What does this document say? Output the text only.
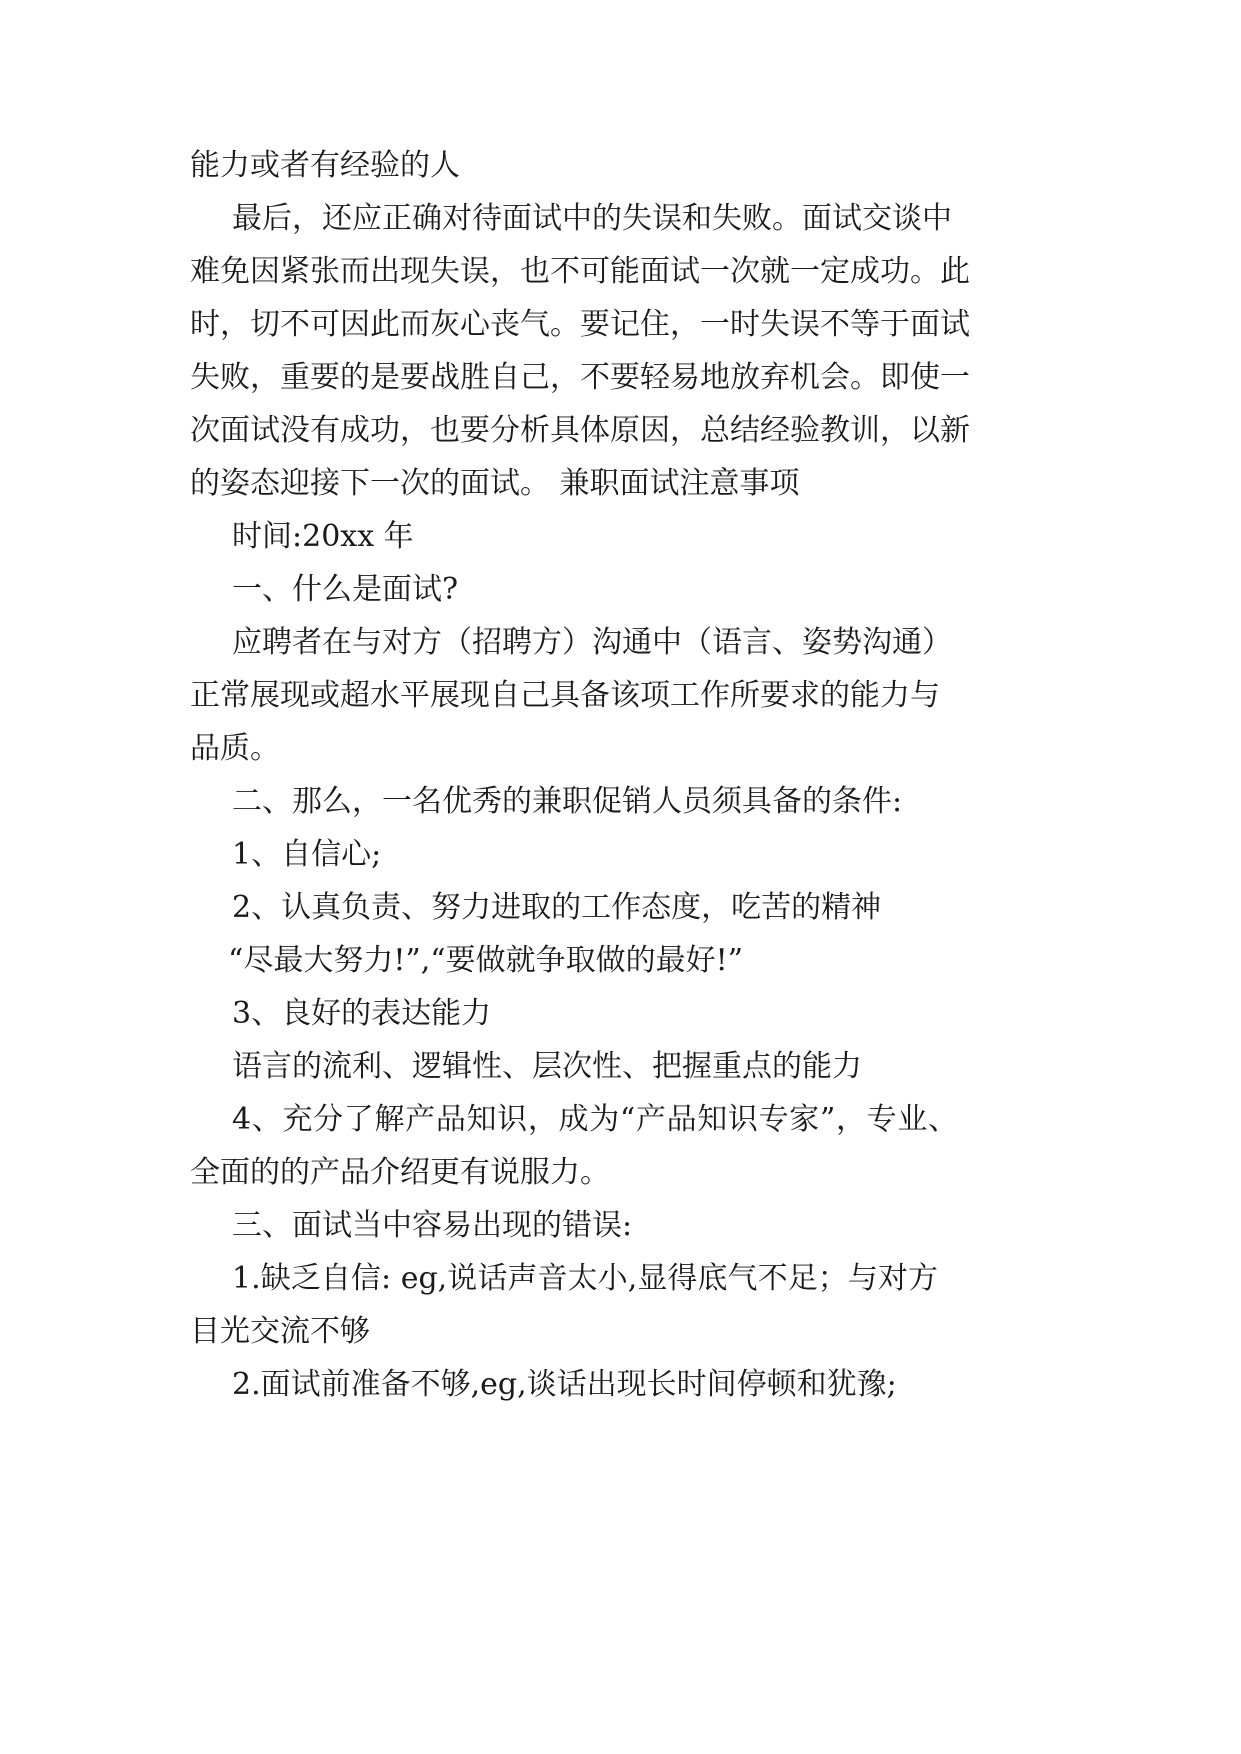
能力或者有经验的人

最后，还应正确对待面试中的失误和失败。面试交谈中

难免因紧张而出现失误，也不可能面试一次就一定成功。此

时，切不可因此而灰心丧气。要记住，一时失误不等于面试

失败，重要的是要战胜自己，不要轻易地放弃机会。即使一

次面试没有成功，也要分析具体原因，总结经验教训，以新

的姿态迎接下一次的面试。 兼职面试注意事项

时间:20xx 年

一、什么是面试?

应聘者在与对方（招聘方）沟通中（语言、姿势沟通）

正常展现或超水平展现自己具备该项工作所要求的能力与

品质。

二、那么，一名优秀的兼职促销人员须具备的条件:

1、自信心;

2、认真负责、努力进取的工作态度，吃苦的精神

“尽最大努力!”,“要做就争取做的最好!”

3、良好的表达能力

语言的流利、逻辑性、层次性、把握重点的能力

4、充分了解产品知识，成为“产品知识专家”，专业、

全面的的产品介绍更有说服力。

三、面试当中容易出现的错误:

1.缺乏自信: eg,说话声音太小,显得底气不足；与对方

目光交流不够

2.面试前准备不够,eg,谈话出现长时间停顿和犹豫;
